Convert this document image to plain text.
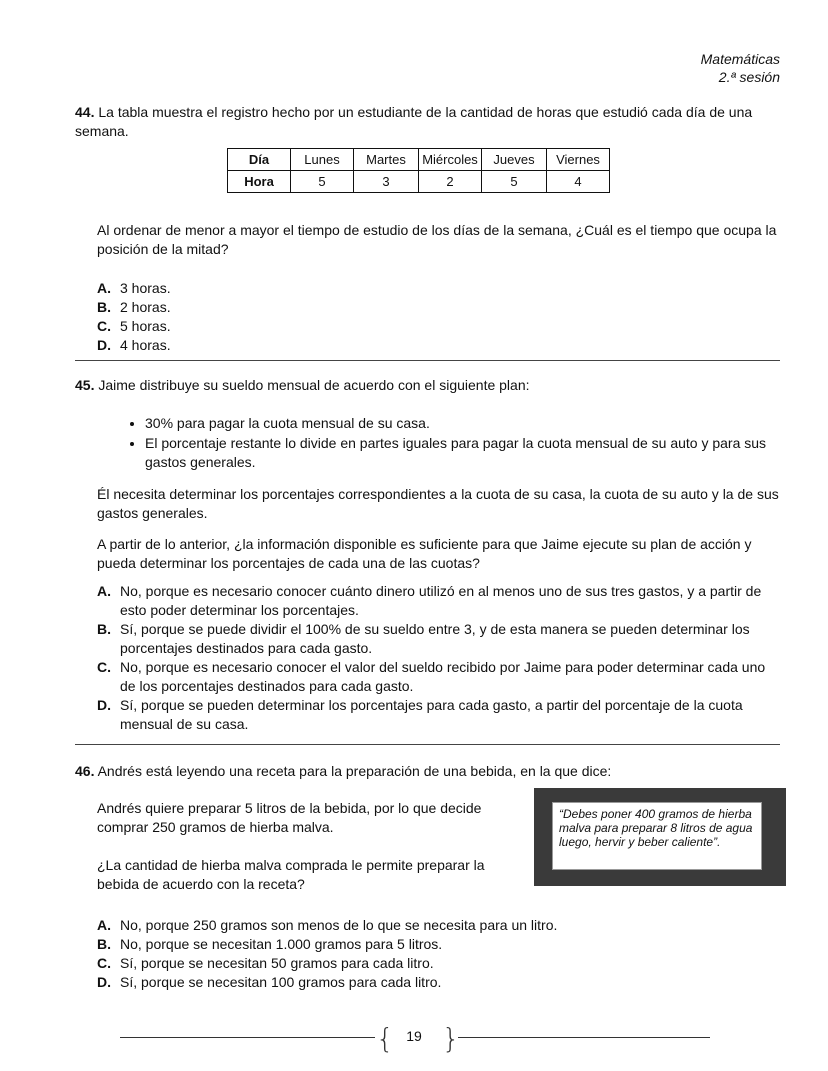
Matemáticas
2.ª sesión
44. La tabla muestra el registro hecho por un estudiante de la cantidad de horas que estudió cada día de una semana.
Día	Lunes	Martes	Miércoles	Jueves	Viernes
Hora	5	3	2	5	4
Al ordenar de menor a mayor el tiempo de estudio de los días de la semana, ¿Cuál es el tiempo que ocupa la posición de la mitad?
A. 3 horas.
B. 2 horas.
C. 5 horas.
D. 4 horas.
45. Jaime distribuye su sueldo mensual de acuerdo con el siguiente plan:
• 30% para pagar la cuota mensual de su casa.
• El porcentaje restante lo divide en partes iguales para pagar la cuota mensual de su auto y para sus gastos generales.
Él necesita determinar los porcentajes correspondientes a la cuota de su casa, la cuota de su auto y la de sus gastos generales.
A partir de lo anterior, ¿la información disponible es suficiente para que Jaime ejecute su plan de acción y pueda determinar los porcentajes de cada una de las cuotas?
A. No, porque es necesario conocer cuánto dinero utilizó en al menos uno de sus tres gastos, y a partir de esto poder determinar los porcentajes.
B. Sí, porque se puede dividir el 100% de su sueldo entre 3, y de esta manera se pueden determinar los porcentajes destinados para cada gasto.
C. No, porque es necesario conocer el valor del sueldo recibido por Jaime para poder determinar cada uno de los porcentajes destinados para cada gasto.
D. Sí, porque se pueden determinar los porcentajes para cada gasto, a partir del porcentaje de la cuota mensual de su casa.
46. Andrés está leyendo una receta para la preparación de una bebida, en la que dice:
Andrés quiere preparar 5 litros de la bebida, por lo que decide comprar 250 gramos de hierba malva.
¿La cantidad de hierba malva comprada le permite preparar la bebida de acuerdo con la receta?
“Debes poner 400 gramos de hierba malva para preparar 8 litros de agua luego, hervir y beber caliente”.
A. No, porque 250 gramos son menos de lo que se necesita para un litro.
B. No, porque se necesitan 1.000 gramos para 5 litros.
C. Sí, porque se necesitan 50 gramos para cada litro.
D. Sí, porque se necesitan 100 gramos para cada litro.
{ 19 }
